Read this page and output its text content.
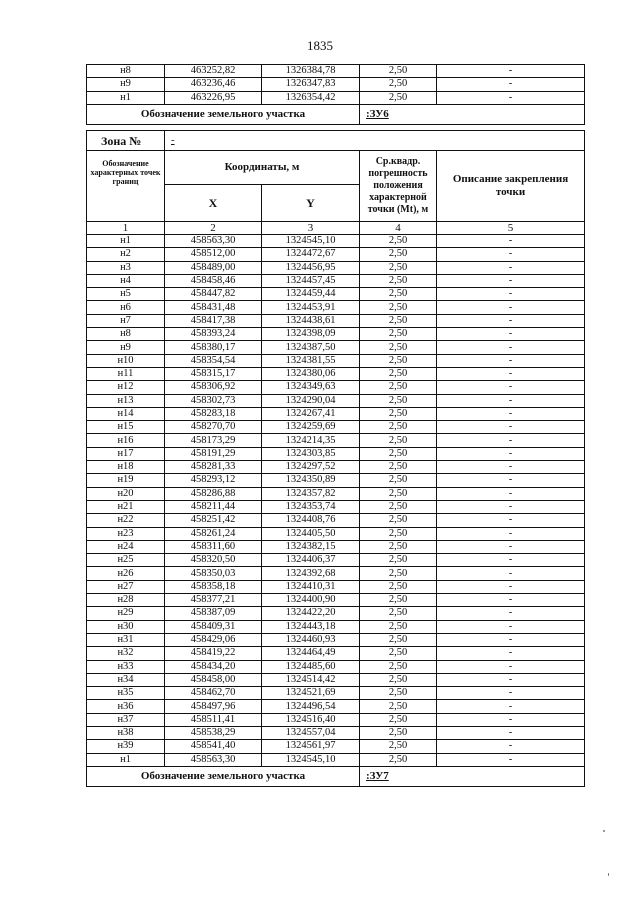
1835
н8	463252,82	1326384,78	2,50	-
н9	463236,46	1326347,83	2,50	-
н1	463226,95	1326354,42	2,50	-
Обозначение земельного участка			:ЗУ6	
Зона №	-			
Обозначение характерных точек границ	Координаты, м		Ср.квадр. погрешность положения характерной точки (Mt), м	Описание закрепления точки
	X	Y		
1	2	3	4	5
н1	458563,30	1324545,10	2,50	-
н2	458512,00	1324472,67	2,50	-
н3	458489,00	1324456,95	2,50	-
н4	458458,46	1324457,45	2,50	-
н5	458447,82	1324459,44	2,50	-
н6	458431,48	1324453,91	2,50	-
н7	458417,38	1324438,61	2,50	-
н8	458393,24	1324398,09	2,50	-
н9	458380,17	1324387,50	2,50	-
н10	458354,54	1324381,55	2,50	-
н11	458315,17	1324380,06	2,50	-
н12	458306,92	1324349,63	2,50	-
н13	458302,73	1324290,04	2,50	-
н14	458283,18	1324267,41	2,50	-
н15	458270,70	1324259,69	2,50	-
н16	458173,29	1324214,35	2,50	-
н17	458191,29	1324303,85	2,50	-
н18	458281,33	1324297,52	2,50	-
н19	458293,12	1324350,89	2,50	-
н20	458286,88	1324357,82	2,50	-
н21	458211,44	1324353,74	2,50	-
н22	458251,42	1324408,76	2,50	-
н23	458261,24	1324405,50	2,50	-
н24	458311,60	1324382,15	2,50	-
н25	458320,50	1324406,37	2,50	-
н26	458350,03	1324392,68	2,50	-
н27	458358,18	1324410,31	2,50	-
н28	458377,21	1324400,90	2,50	-
н29	458387,09	1324422,20	2,50	-
н30	458409,31	1324443,18	2,50	-
н31	458429,06	1324460,93	2,50	-
н32	458419,22	1324464,49	2,50	-
н33	458434,20	1324485,60	2,50	-
н34	458458,00	1324514,42	2,50	-
н35	458462,70	1324521,69	2,50	-
н36	458497,96	1324496,54	2,50	-
н37	458511,41	1324516,40	2,50	-
н38	458538,29	1324557,04	2,50	-
н39	458541,40	1324561,97	2,50	-
н1	458563,30	1324545,10	2,50	-
Обозначение земельного участка			:ЗУ7	
